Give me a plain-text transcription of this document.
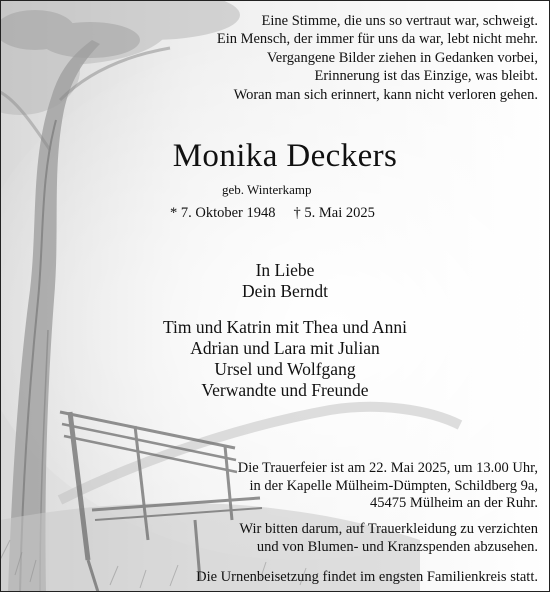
Eine Stimme, die uns so vertraut war, schweigt.
Ein Mensch, der immer für uns da war, lebt nicht mehr.
Vergangene Bilder ziehen in Gedanken vorbei,
Erinnerung ist das Einzige, was bleibt.
Woran man sich erinnert, kann nicht verloren gehen.
Monika Deckers
geb. Winterkamp
* 7. Oktober 1948 † 5. Mai 2025
In Liebe
Dein Berndt
Tim und Katrin mit Thea und Anni
Adrian und Lara mit Julian
Ursel und Wolfgang
Verwandte und Freunde
Die Trauerfeier ist am 22. Mai 2025, um 13.00 Uhr,
in der Kapelle Mülheim-Dümpten, Schildberg 9a,
45475 Mülheim an der Ruhr.
Wir bitten darum, auf Trauerkleidung zu verzichten
und von Blumen- und Kranzspenden abzusehen.
Die Urnenbeisetzung findet im engsten Familienkreis statt.
